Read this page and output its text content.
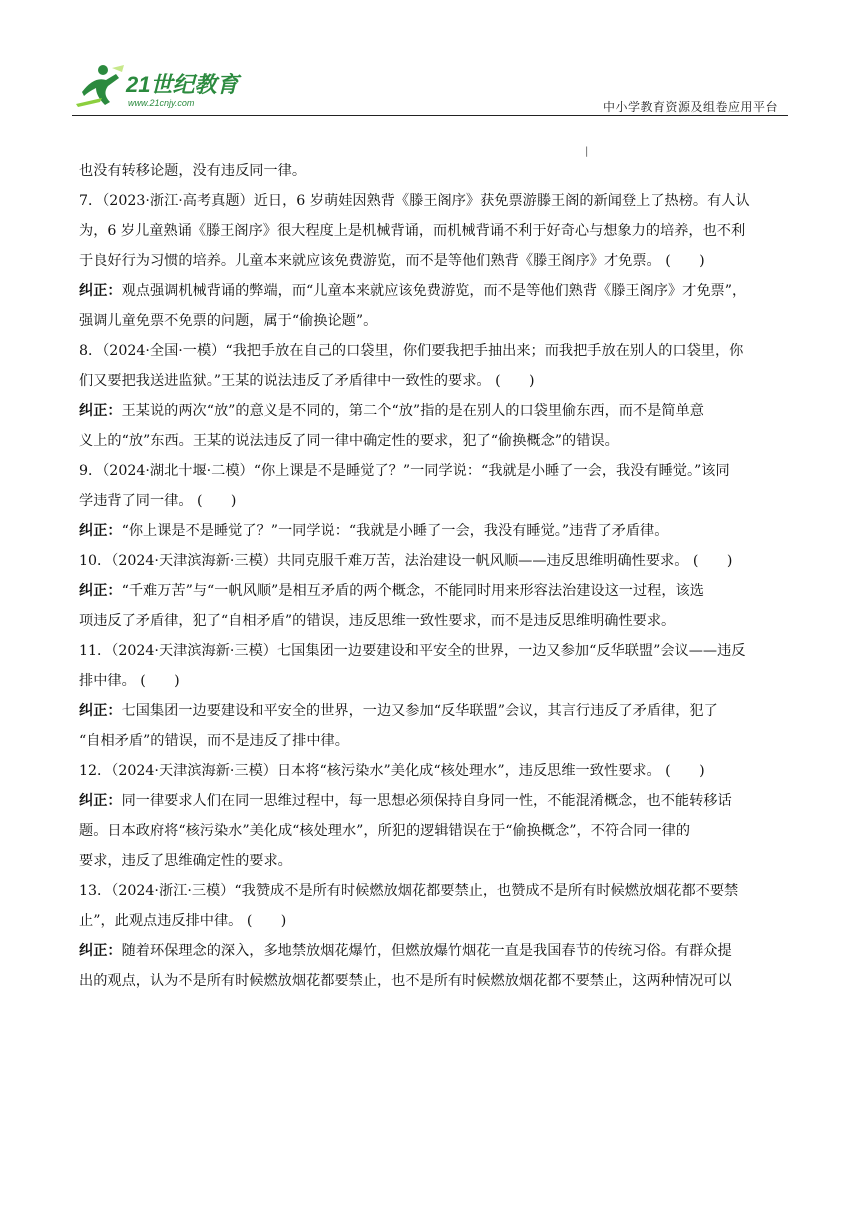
21世纪教育
www.21cnjy.com	中小学教育资源及组卷应用平台
|
也没有转移论题，没有违反同一律。
7．（2023·浙江·高考真题）近日，6 岁萌娃因熟背《滕王阁序》获免票游滕王阁的新闻登上了热榜。有人认
为，6 岁儿童熟诵《滕王阁序》很大程度上是机械背诵，而机械背诵不利于好奇心与想象力的培养，也不利
于良好行为习惯的培养。儿童本来就应该免费游览，而不是等他们熟背《滕王阁序》才免票。 (　　)
纠正：观点强调机械背诵的弊端，而“儿童本来就应该免费游览，而不是等他们熟背《滕王阁序》才免票”，
强调儿童免票不免票的问题，属于“偷换论题”。
8．（2024·全国·一模）“我把手放在自己的口袋里，你们要我把手抽出来；而我把手放在别人的口袋里，你
们又要把我送进监狱。”王某的说法违反了矛盾律中一致性的要求。 (　　)
纠正：王某说的两次“放”的意义是不同的，第二个“放”指的是在别人的口袋里偷东西，而不是简单意
义上的“放”东西。王某的说法违反了同一律中确定性的要求，犯了“偷换概念”的错误。
9．（2024·湖北十堰·二模）“你上课是不是睡觉了？”一同学说：“我就是小睡了一会，我没有睡觉。”该同
学违背了同一律。 (　　)
纠正：“你上课是不是睡觉了？”一同学说：“我就是小睡了一会，我没有睡觉。”违背了矛盾律。
10．（2024·天津滨海新·三模）共同克服千难万苦，法治建设一帆风顺——违反思维明确性要求。 (　　)
纠正：“千难万苦”与“一帆风顺”是相互矛盾的两个概念，不能同时用来形容法治建设这一过程，该选
项违反了矛盾律，犯了“自相矛盾”的错误，违反思维一致性要求，而不是违反思维明确性要求。
11．（2024·天津滨海新·三模）七国集团一边要建设和平安全的世界，一边又参加“反华联盟”会议——违反
排中律。 (　　)
纠正：七国集团一边要建设和平安全的世界，一边又参加“反华联盟”会议，其言行违反了矛盾律，犯了
“自相矛盾”的错误，而不是违反了排中律。
12．（2024·天津滨海新·三模）日本将“核污染水”美化成“核处理水”，违反思维一致性要求。 (　　)
纠正：同一律要求人们在同一思维过程中，每一思想必须保持自身同一性，不能混淆概念，也不能转移话
题。日本政府将“核污染水”美化成“核处理水”，所犯的逻辑错误在于“偷换概念”，不符合同一律的
要求，违反了思维确定性的要求。
13．（2024·浙江·三模）“我赞成不是所有时候燃放烟花都要禁止，也赞成不是所有时候燃放烟花都不要禁
止”，此观点违反排中律。 (　　)
纠正：随着环保理念的深入，多地禁放烟花爆竹，但燃放爆竹烟花一直是我国春节的传统习俗。有群众提
出的观点，认为不是所有时候燃放烟花都要禁止，也不是所有时候燃放烟花都不要禁止，这两种情况可以
